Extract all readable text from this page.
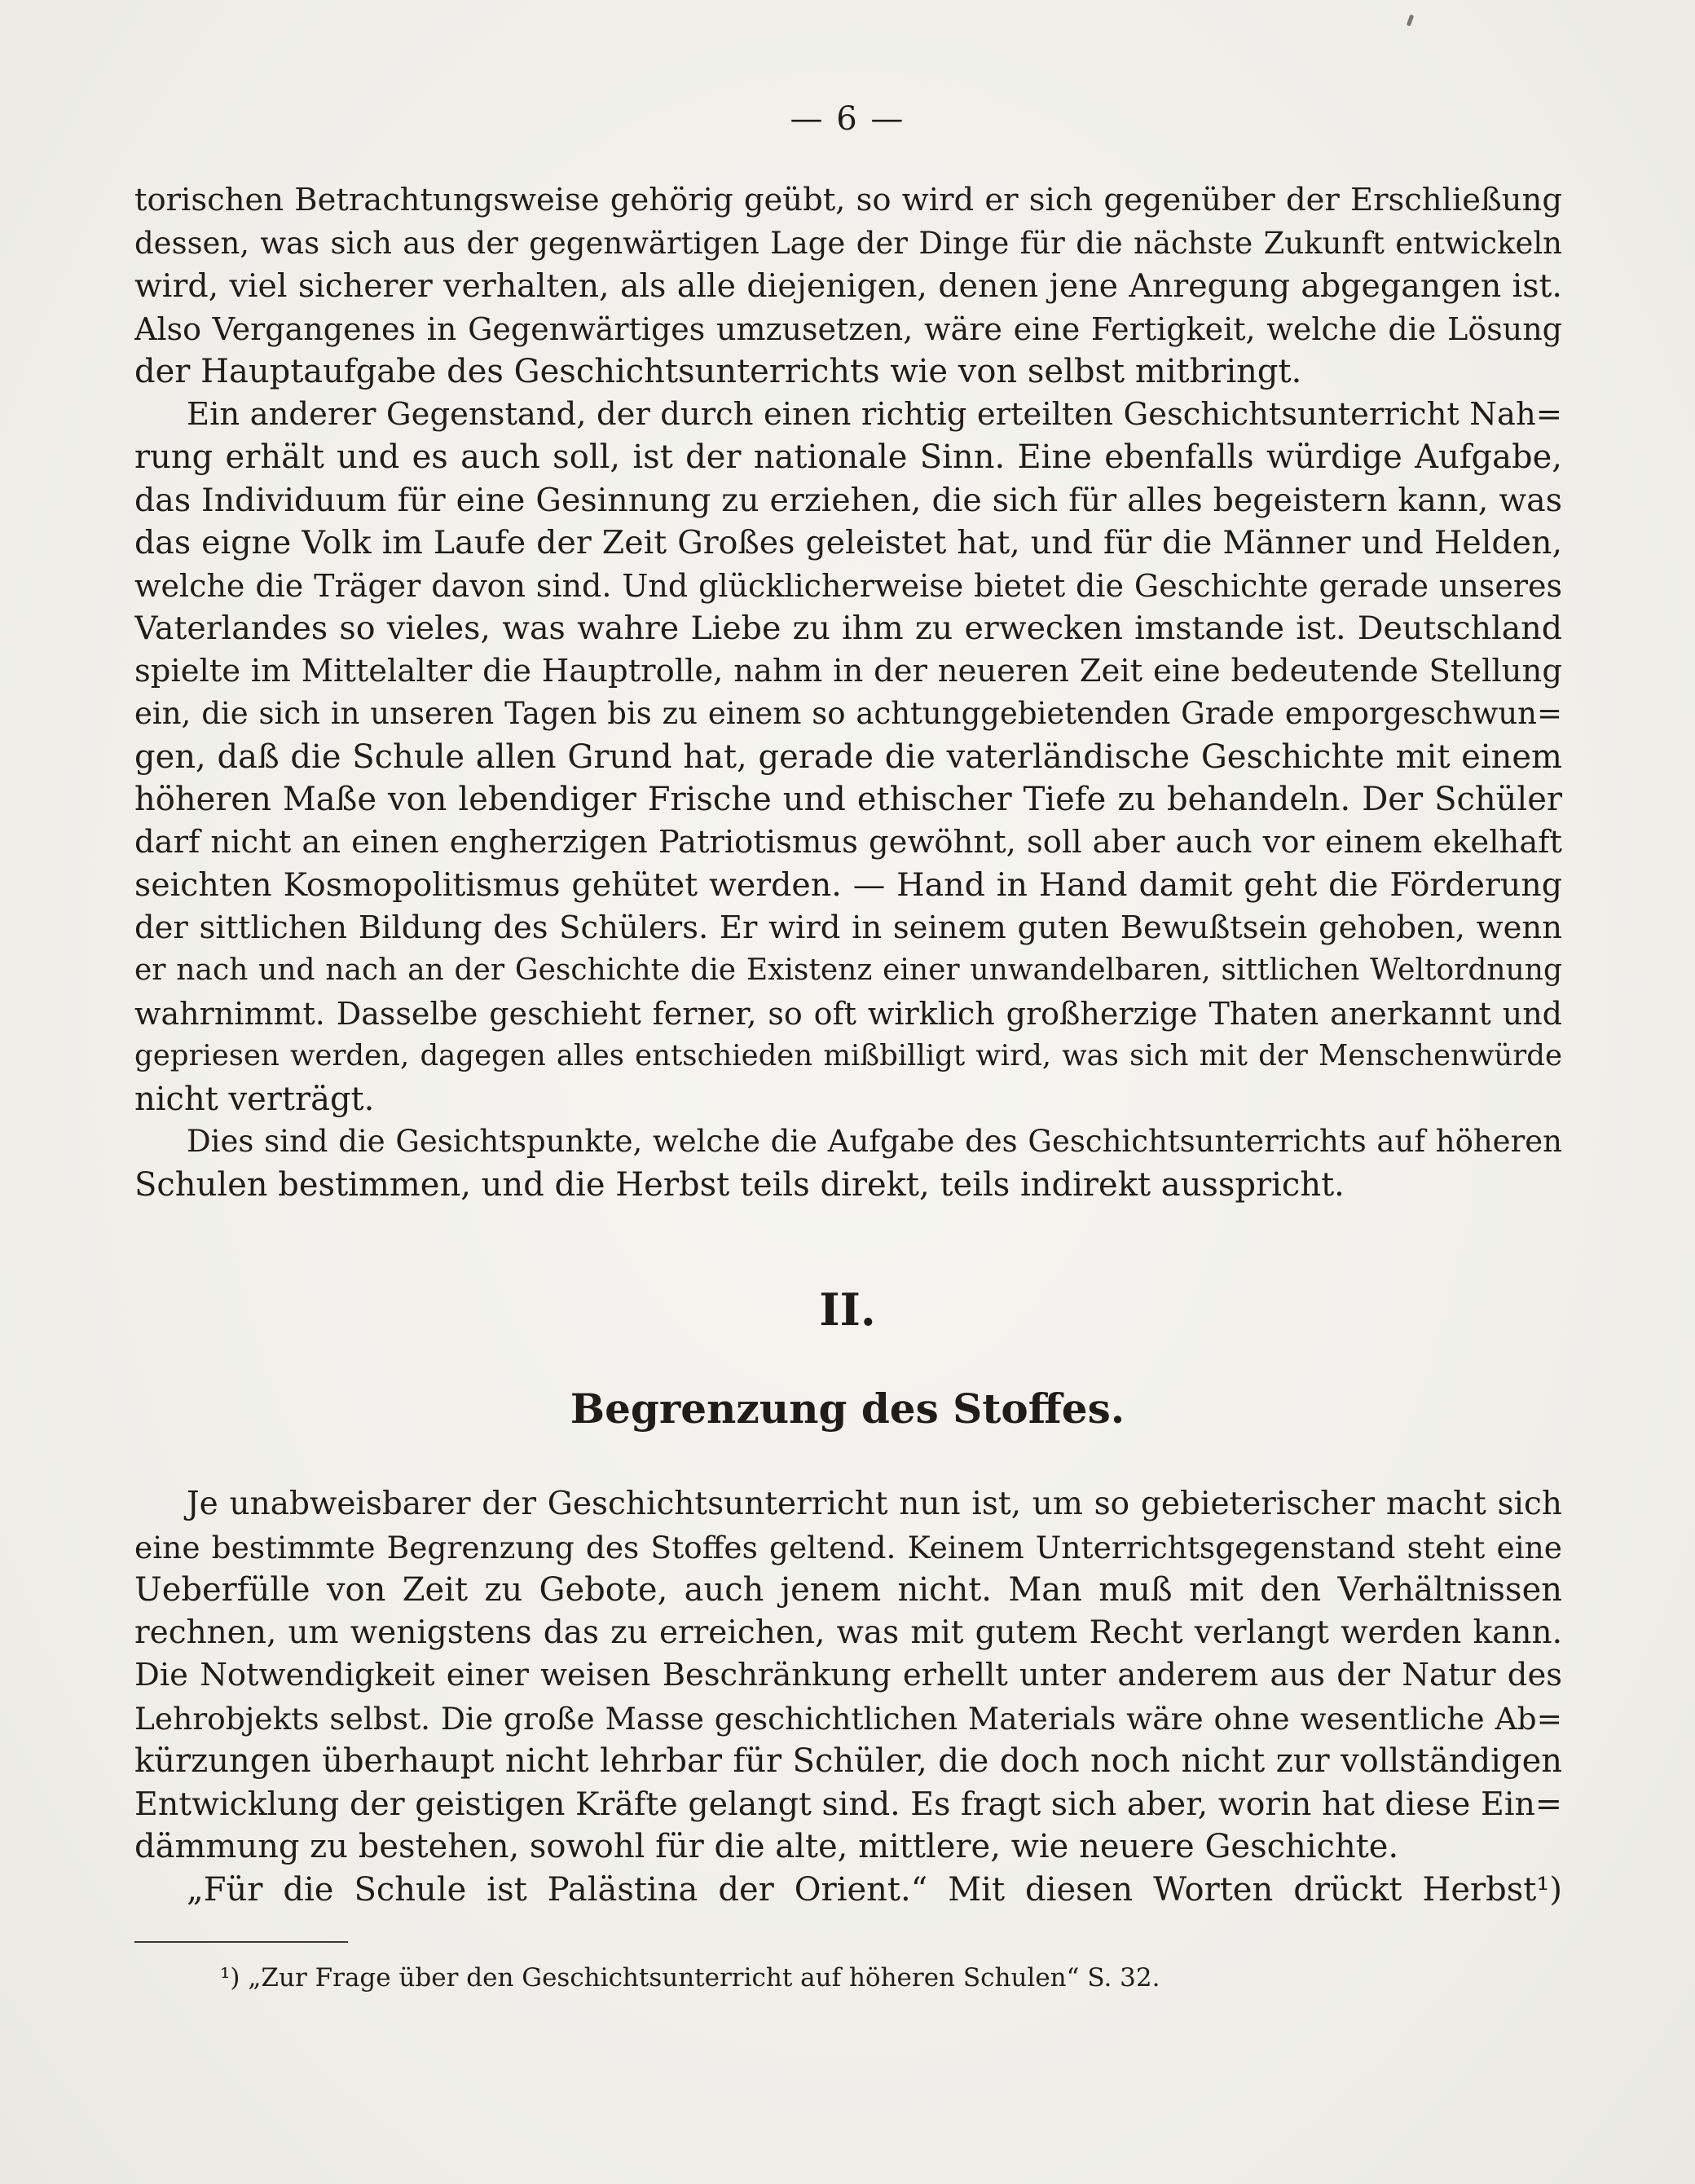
— 6 —
torischen Betrachtungsweise gehörig geübt, so wird er sich gegenüber der Erschließung
dessen, was sich aus der gegenwärtigen Lage der Dinge für die nächste Zukunft entwickeln
wird, viel sicherer verhalten, als alle diejenigen, denen jene Anregung abgegangen ist.
Also Vergangenes in Gegenwärtiges umzusetzen, wäre eine Fertigkeit, welche die Lösung
der Hauptaufgabe des Geschichtsunterrichts wie von selbst mitbringt.
Ein anderer Gegenstand, der durch einen richtig erteilten Geschichtsunterricht Nah=
rung erhält und es auch soll, ist der nationale Sinn. Eine ebenfalls würdige Aufgabe,
das Individuum für eine Gesinnung zu erziehen, die sich für alles begeistern kann, was
das eigne Volk im Laufe der Zeit Großes geleistet hat, und für die Männer und Helden,
welche die Träger davon sind. Und glücklicherweise bietet die Geschichte gerade unseres
Vaterlandes so vieles, was wahre Liebe zu ihm zu erwecken imstande ist. Deutschland
spielte im Mittelalter die Hauptrolle, nahm in der neueren Zeit eine bedeutende Stellung
ein, die sich in unseren Tagen bis zu einem so achtunggebietenden Grade emporgeschwun=
gen, daß die Schule allen Grund hat, gerade die vaterländische Geschichte mit einem
höheren Maße von lebendiger Frische und ethischer Tiefe zu behandeln. Der Schüler
darf nicht an einen engherzigen Patriotismus gewöhnt, soll aber auch vor einem ekelhaft
seichten Kosmopolitismus gehütet werden. — Hand in Hand damit geht die Förderung
der sittlichen Bildung des Schülers. Er wird in seinem guten Bewußtsein gehoben, wenn
er nach und nach an der Geschichte die Existenz einer unwandelbaren, sittlichen Weltordnung
wahrnimmt. Dasselbe geschieht ferner, so oft wirklich großherzige Thaten anerkannt und
gepriesen werden, dagegen alles entschieden mißbilligt wird, was sich mit der Menschenwürde
nicht verträgt.
Dies sind die Gesichtspunkte, welche die Aufgabe des Geschichtsunterrichts auf höheren
Schulen bestimmen, und die Herbst teils direkt, teils indirekt ausspricht.
II.
Begrenzung des Stoffes.
Je unabweisbarer der Geschichtsunterricht nun ist, um so gebieterischer macht sich
eine bestimmte Begrenzung des Stoffes geltend. Keinem Unterrichtsgegenstand steht eine
Ueberfülle von Zeit zu Gebote, auch jenem nicht. Man muß mit den Verhältnissen
rechnen, um wenigstens das zu erreichen, was mit gutem Recht verlangt werden kann.
Die Notwendigkeit einer weisen Beschränkung erhellt unter anderem aus der Natur des
Lehrobjekts selbst. Die große Masse geschichtlichen Materials wäre ohne wesentliche Ab=
kürzungen überhaupt nicht lehrbar für Schüler, die doch noch nicht zur vollständigen
Entwicklung der geistigen Kräfte gelangt sind. Es fragt sich aber, worin hat diese Ein=
dämmung zu bestehen, sowohl für die alte, mittlere, wie neuere Geschichte.
„Für die Schule ist Palästina der Orient.“ Mit diesen Worten drückt Herbst¹)
¹) „Zur Frage über den Geschichtsunterricht auf höheren Schulen“ S. 32.
